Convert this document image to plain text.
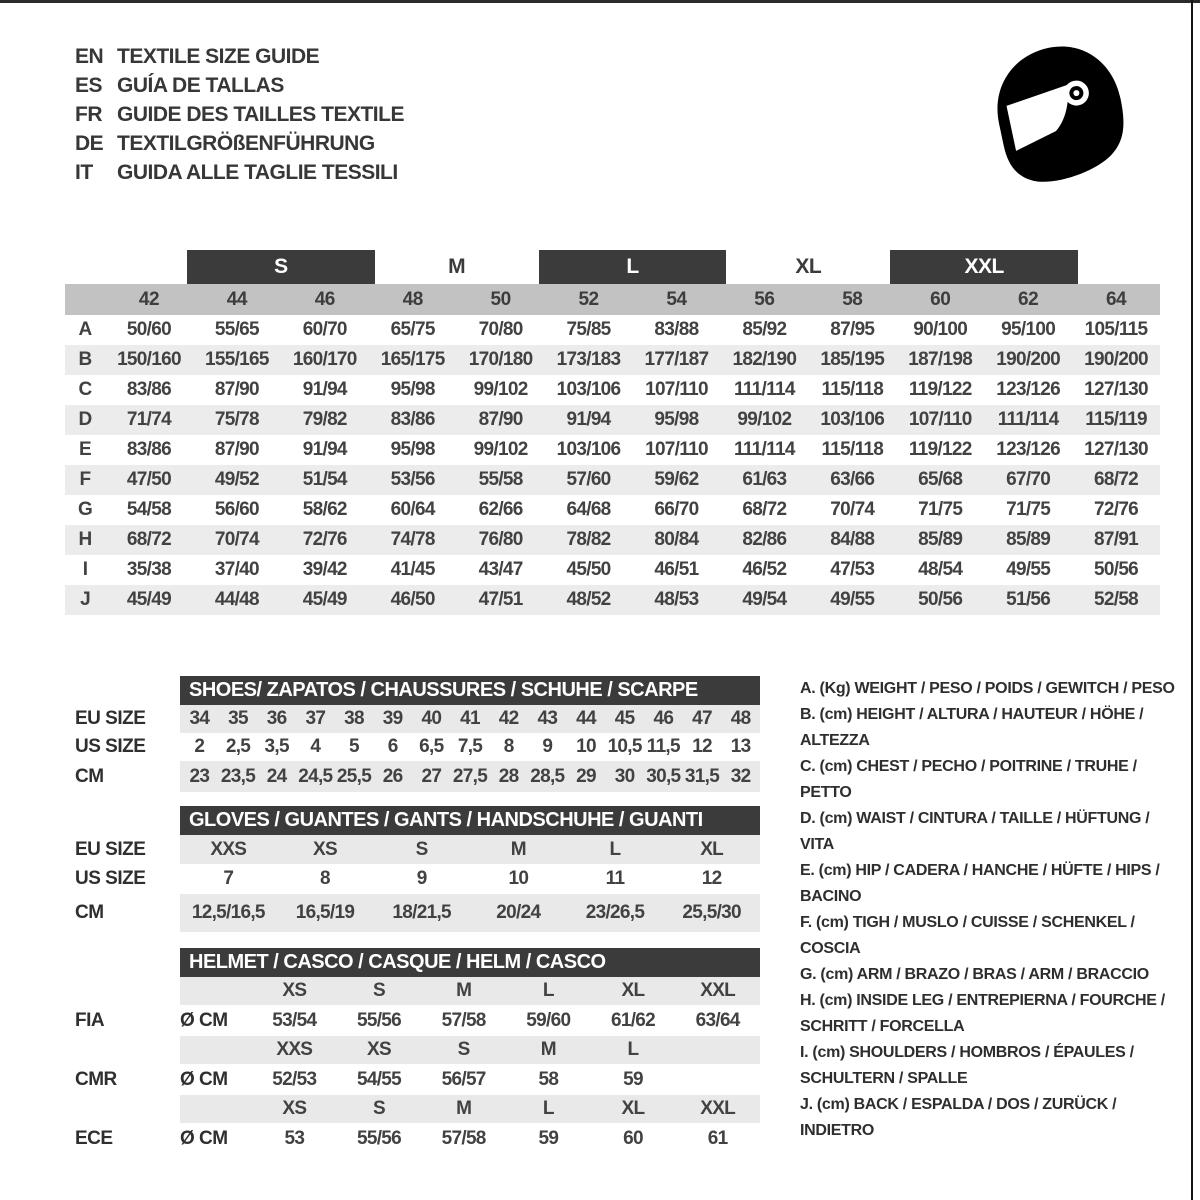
EN TEXTILE SIZE GUIDE
ES GUÍA DE TALLAS
FR GUIDE DES TAILLES TEXTILE
DE TEXTILGRÖßENFÜHRUNG
IT	GUIDA ALLE TAGLIE TESSILI
S	M	L	XL	XXL
42	44	46	48	50	52	54	56	58	60	62	64
A	50/60	55/65	60/70	65/75	70/80	75/85	83/88	85/92	87/95	90/100	95/100	105/115
B	150/160	155/165	160/170	165/175	170/180	173/183	177/187	182/190	185/195	187/198	190/200	190/200
C	83/86	87/90	91/94	95/98	99/102	103/106	107/110	111/114	115/118	119/122	123/126	127/130
D	71/74	75/78	79/82	83/86	87/90	91/94	95/98	99/102	103/106	107/110	111/114	115/119
E	83/86	87/90	91/94	95/98	99/102	103/106	107/110	111/114	115/118	119/122	123/126	127/130
F	47/50	49/52	51/54	53/56	55/58	57/60	59/62	61/63	63/66	65/68	67/70	68/72
G	54/58	56/60	58/62	60/64	62/66	64/68	66/70	68/72	70/74	71/75	71/75	72/76
H	68/72	70/74	72/76	74/78	76/80	78/82	80/84	82/86	84/88	85/89	85/89	87/91
I	35/38	37/40	39/42	41/45	43/47	45/50	46/51	46/52	47/53	48/54	49/55	50/56
J	45/49	44/48	45/49	46/50	47/51	48/52	48/53	49/54	49/55	50/56	51/56	52/58
SHOES/ ZAPATOS / CHAUSSURES / SCHUHE / SCARPE
EU SIZE	34 35 36 37 38 39 40 41 42 43 44 45 46 47 48
US SIZE	2	2,5 3,5	4	5	6	6,5 7,5	8	9	10 10,5 11,5 12 13
CM	23 23,5 24 24,5 25,5 26 27 27,5 28 28,5 29 30 30,5 31,5 32
GLOVES / GUANTES / GANTS / HANDSCHUHE / GUANTI
EU SIZE	XXS	XS	S	M	L	XL
US SIZE	7	8	9	10	11	12
CM	12,5/16,5	16,5/19	18/21,5	20/24	23/26,5	25,5/30
HELMET / CASCO / CASQUE / HELM / CASCO
XS	S	M	L	XL	XXL
FIA	Ø CM	53/54	55/56	57/58	59/60	61/62	63/64
XXS	XS	S	M	L
CMR	Ø CM	52/53	54/55	56/57	58	59
XS	S	M	L	XL	XXL
ECE	Ø CM	53	55/56	57/58	59	60	61
A. (Kg) WEIGHT / PESO / POIDS / GEWITCH / PESO
B. (cm) HEIGHT / ALTURA / HAUTEUR / HÖHE / ALTEZZA
C. (cm) CHEST / PECHO / POITRINE / TRUHE / PETTO
D. (cm) WAIST / CINTURA / TAILLE / HÜFTUNG / VITA
E. (cm) HIP / CADERA / HANCHE / HÜFTE / HIPS / BACINO
F. (cm) TIGH / MUSLO / CUISSE / SCHENKEL / COSCIA
G. (cm) ARM / BRAZO / BRAS / ARM / BRACCIO
H. (cm) INSIDE LEG / ENTREPIERNA / FOURCHE / SCHRITT / FORCELLA
I. (cm) SHOULDERS / HOMBROS / ÉPAULES / SCHULTERN / SPALLE
J. (cm) BACK / ESPALDA / DOS / ZURÜCK / INDIETRO
